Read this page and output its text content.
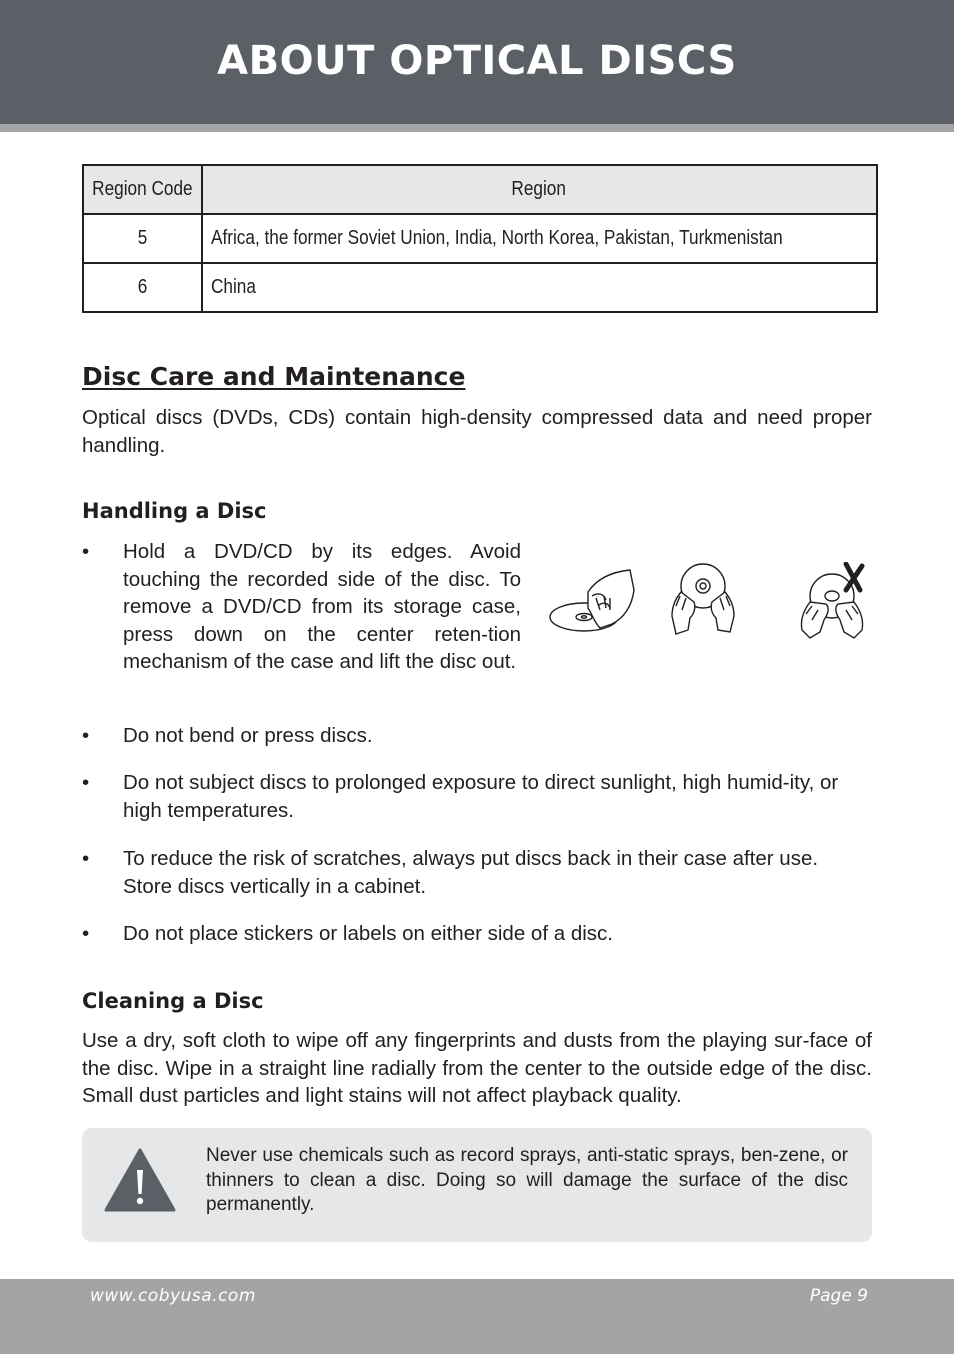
ABOUT OPTICAL DISCS
Region Code	Region
5	Africa, the former Soviet Union, India, North Korea, Pakistan, Turkmenistan
6	China
Disc Care and Maintenance
Optical discs (DVDs, CDs) contain high-density compressed data and need proper handling.
Handling a Disc
• Hold a DVD/CD by its edges. Avoid touching the recorded side of the disc. To remove a DVD/CD from its storage case, press down on the center reten-tion mechanism of the case and lift the disc out.
• Do not bend or press discs.
• Do not subject discs to prolonged exposure to direct sunlight, high humid-ity, or high temperatures.
• To reduce the risk of scratches, always put discs back in their case after use. Store discs vertically in a cabinet.
• Do not place stickers or labels on either side of a disc.
Cleaning a Disc
Use a dry, soft cloth to wipe off any fingerprints and dusts from the playing sur-face of the disc. Wipe in a straight line radially from the center to the outside edge of the disc. Small dust particles and light stains will not affect playback quality.
Never use chemicals such as record sprays, anti-static sprays, ben-zene, or thinners to clean a disc. Doing so will damage the surface of the disc permanently.
www.cobyusa.com	Page 9
